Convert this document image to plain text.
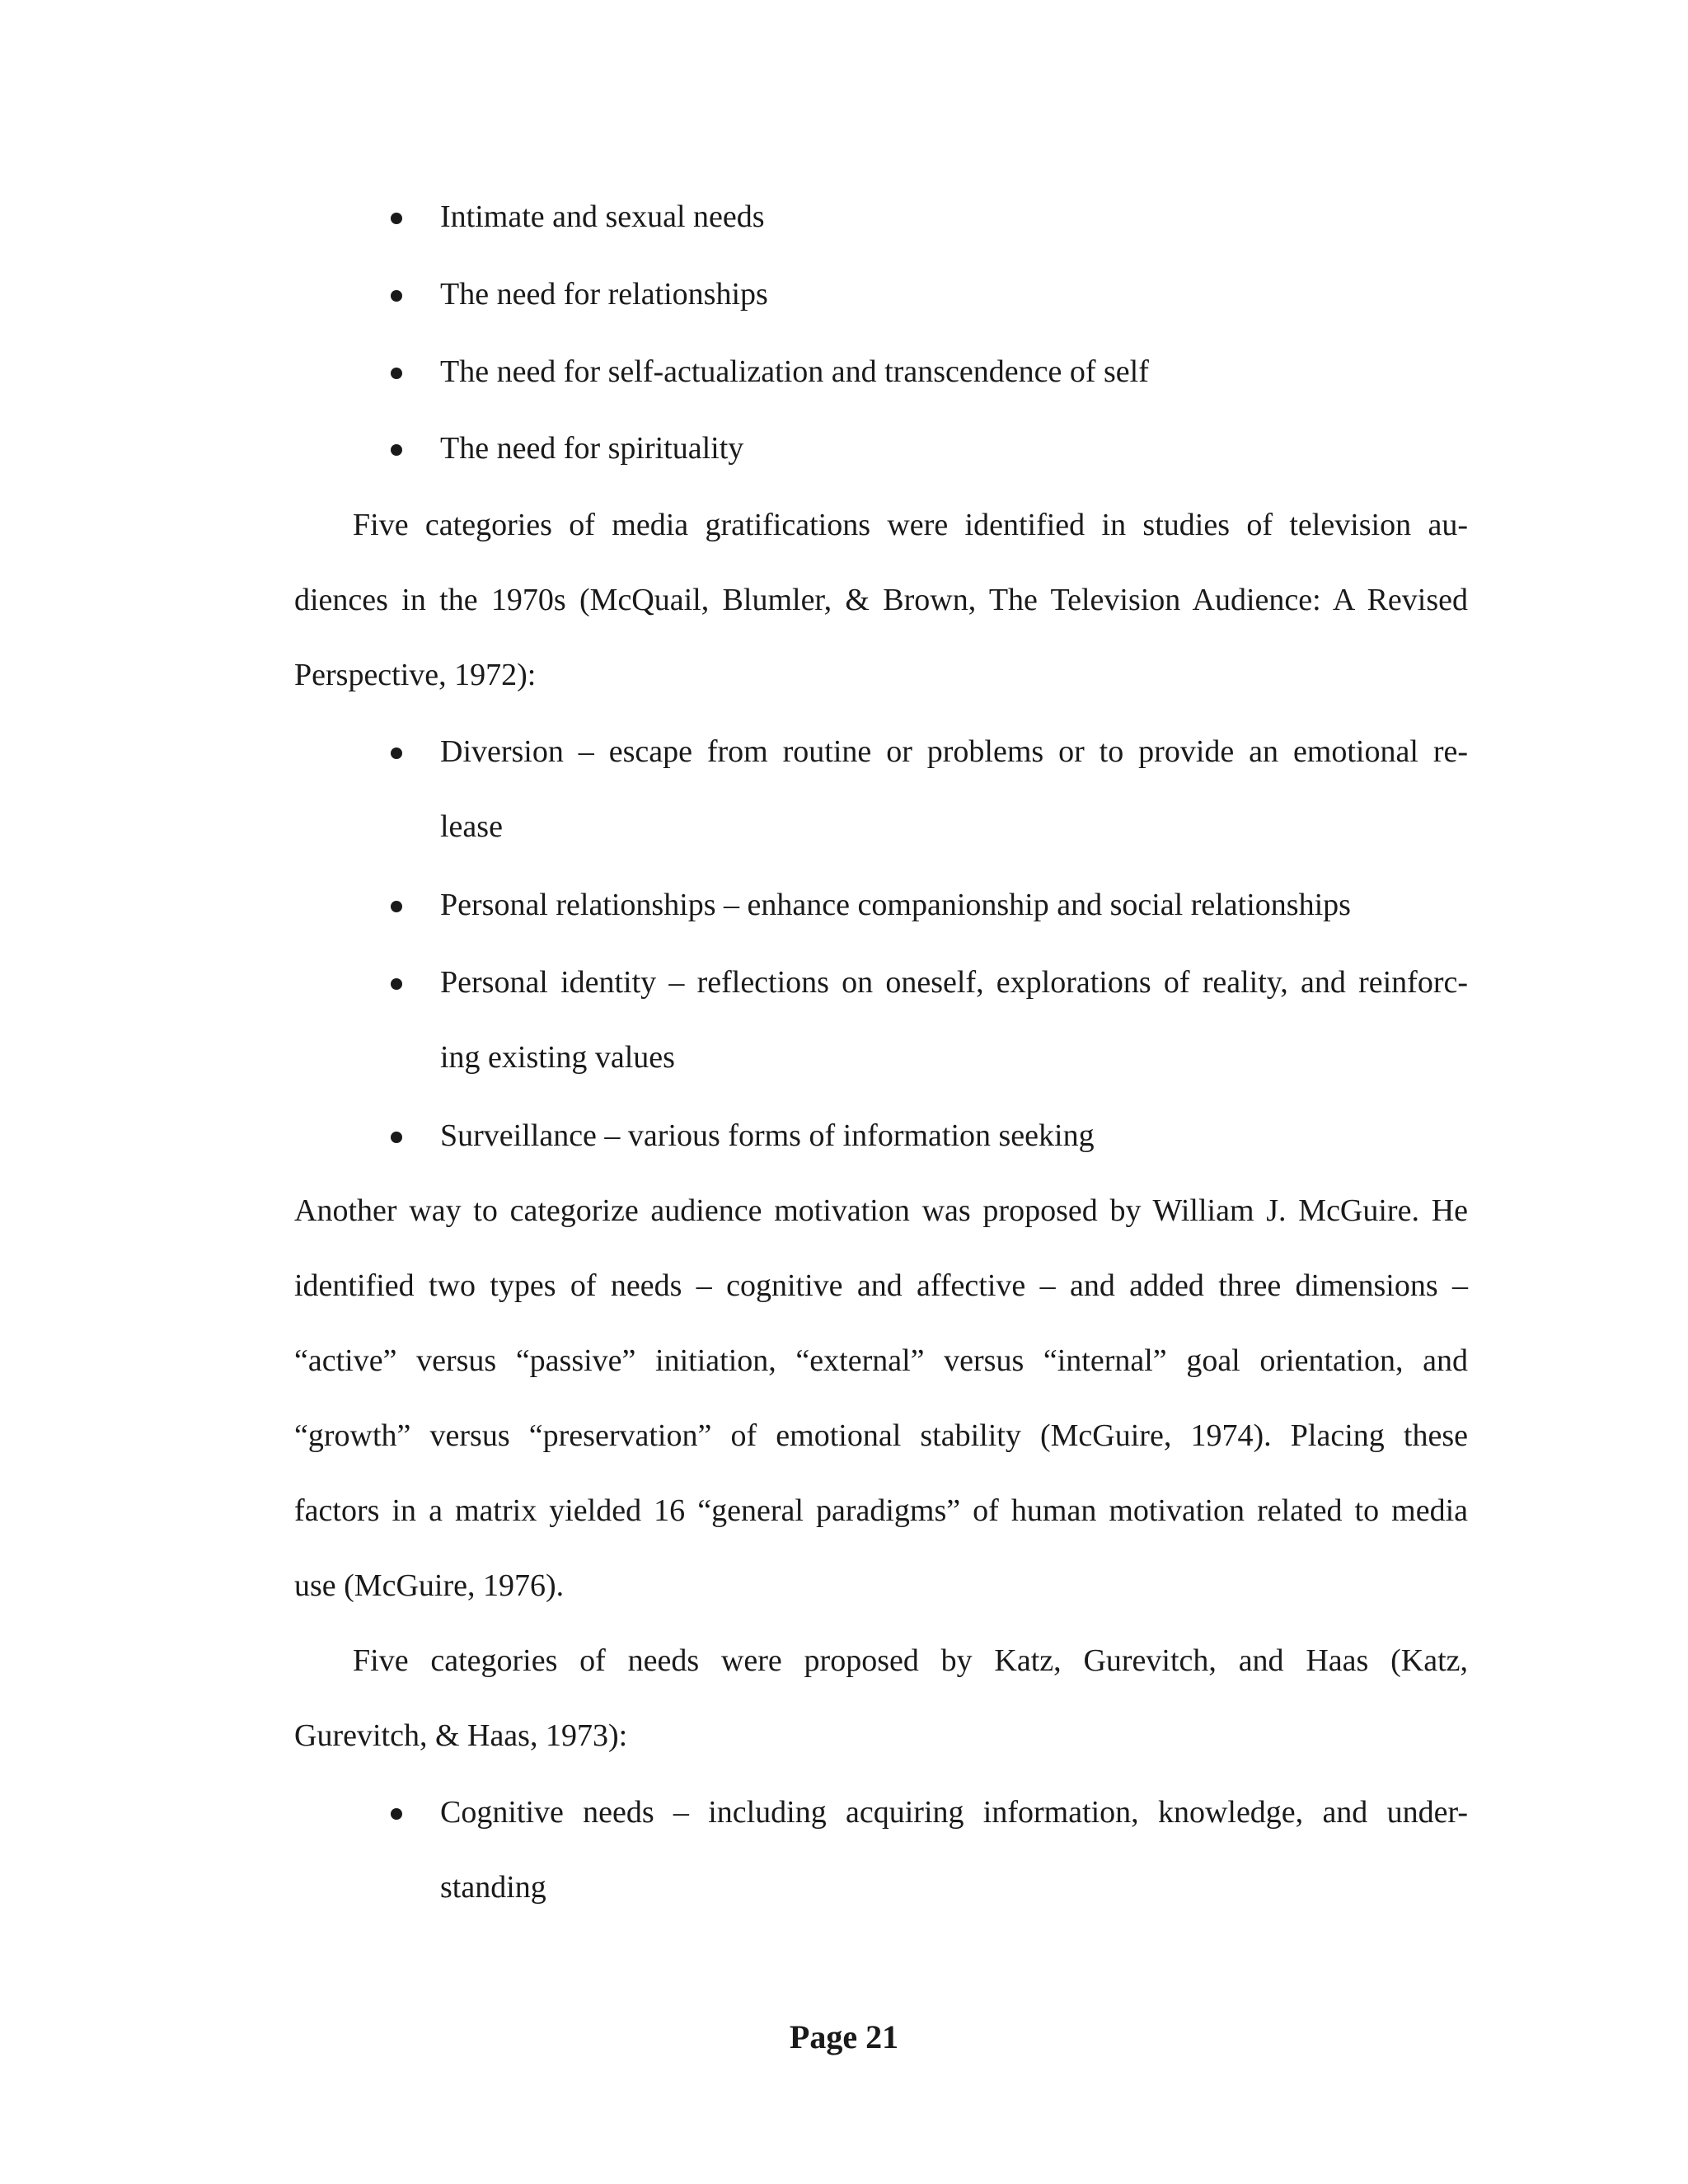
Intimate and sexual needs
The need for relationships
The need for self-actualization and transcendence of self
The need for spirituality
Five categories of media gratifications were identified in studies of television au-
diences in the 1970s (McQuail, Blumler, & Brown, The Television Audience: A Revised
Perspective, 1972):
Diversion – escape from routine or problems or to provide an emotional re-
lease
Personal relationships – enhance companionship and social relationships
Personal identity – reflections on oneself, explorations of reality, and reinforc-
ing existing values
Surveillance – various forms of information seeking
Another way to categorize audience motivation was proposed by William J. McGuire. He
identified two types of needs – cognitive and affective – and added three dimensions –
“active” versus “passive” initiation, “external” versus “internal” goal orientation, and
“growth” versus “preservation” of emotional stability (McGuire, 1974). Placing these
factors in a matrix yielded 16 “general paradigms” of human motivation related to media
use (McGuire, 1976).
Five categories of needs were proposed by Katz, Gurevitch, and Haas (Katz,
Gurevitch, & Haas, 1973):
Cognitive needs – including acquiring information, knowledge, and under-
standing
Page 21
